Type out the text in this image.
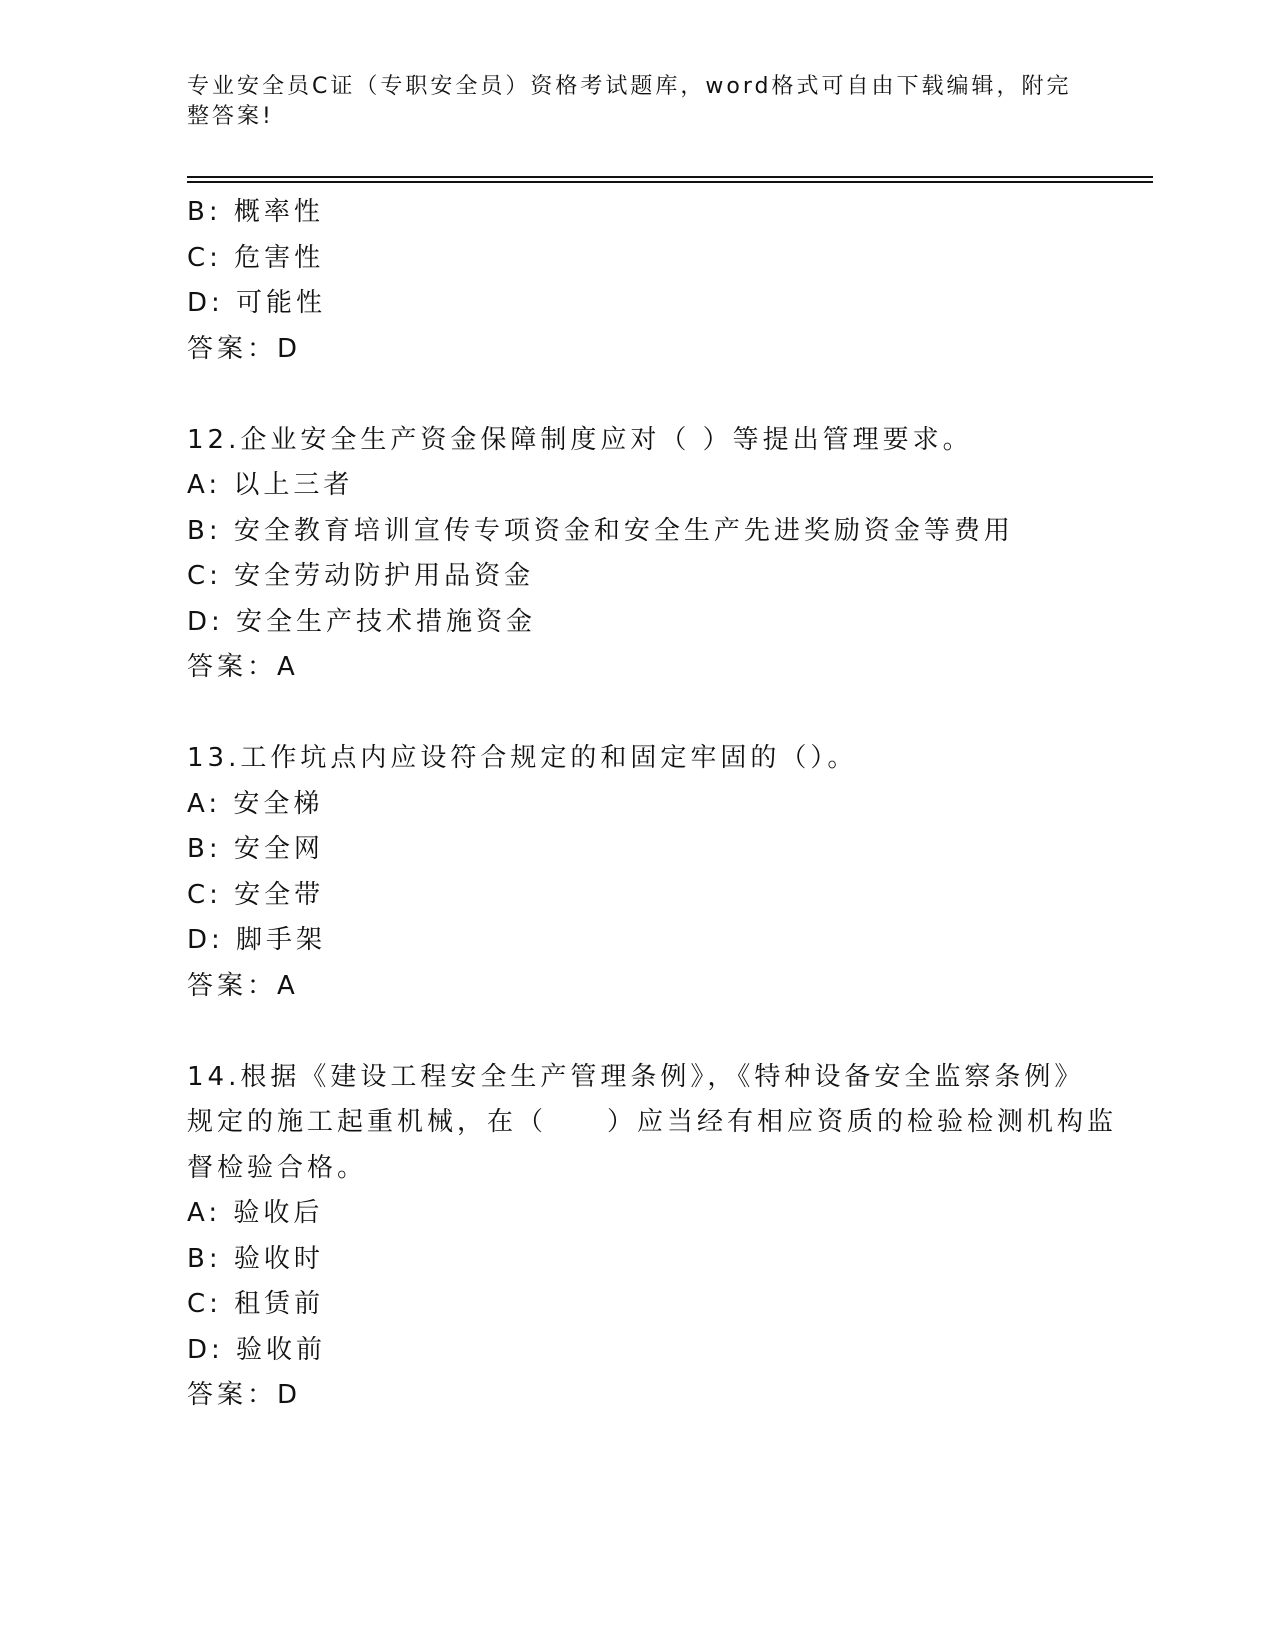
专业安全员C证（专职安全员）资格考试题库，word格式可自由下载编辑，附完
整答案!
B: 概率性
C: 危害性
D: 可能性
答案：D
12.企业安全生产资金保障制度应对（ ）等提出管理要求。
A: 以上三者
B: 安全教育培训宣传专项资金和安全生产先进奖励资金等费用
C: 安全劳动防护用品资金
D: 安全生产技术措施资金
答案：A
13.工作坑点内应设符合规定的和固定牢固的（）。
A: 安全梯
B: 安全网
C: 安全带
D: 脚手架
答案：A
14.根据《建设工程安全生产管理条例》，《特种设备安全监察条例》
规定的施工起重机械，在（　　）应当经有相应资质的检验检测机构监
督检验合格。
A: 验收后
B: 验收时
C: 租赁前
D: 验收前
答案：D
